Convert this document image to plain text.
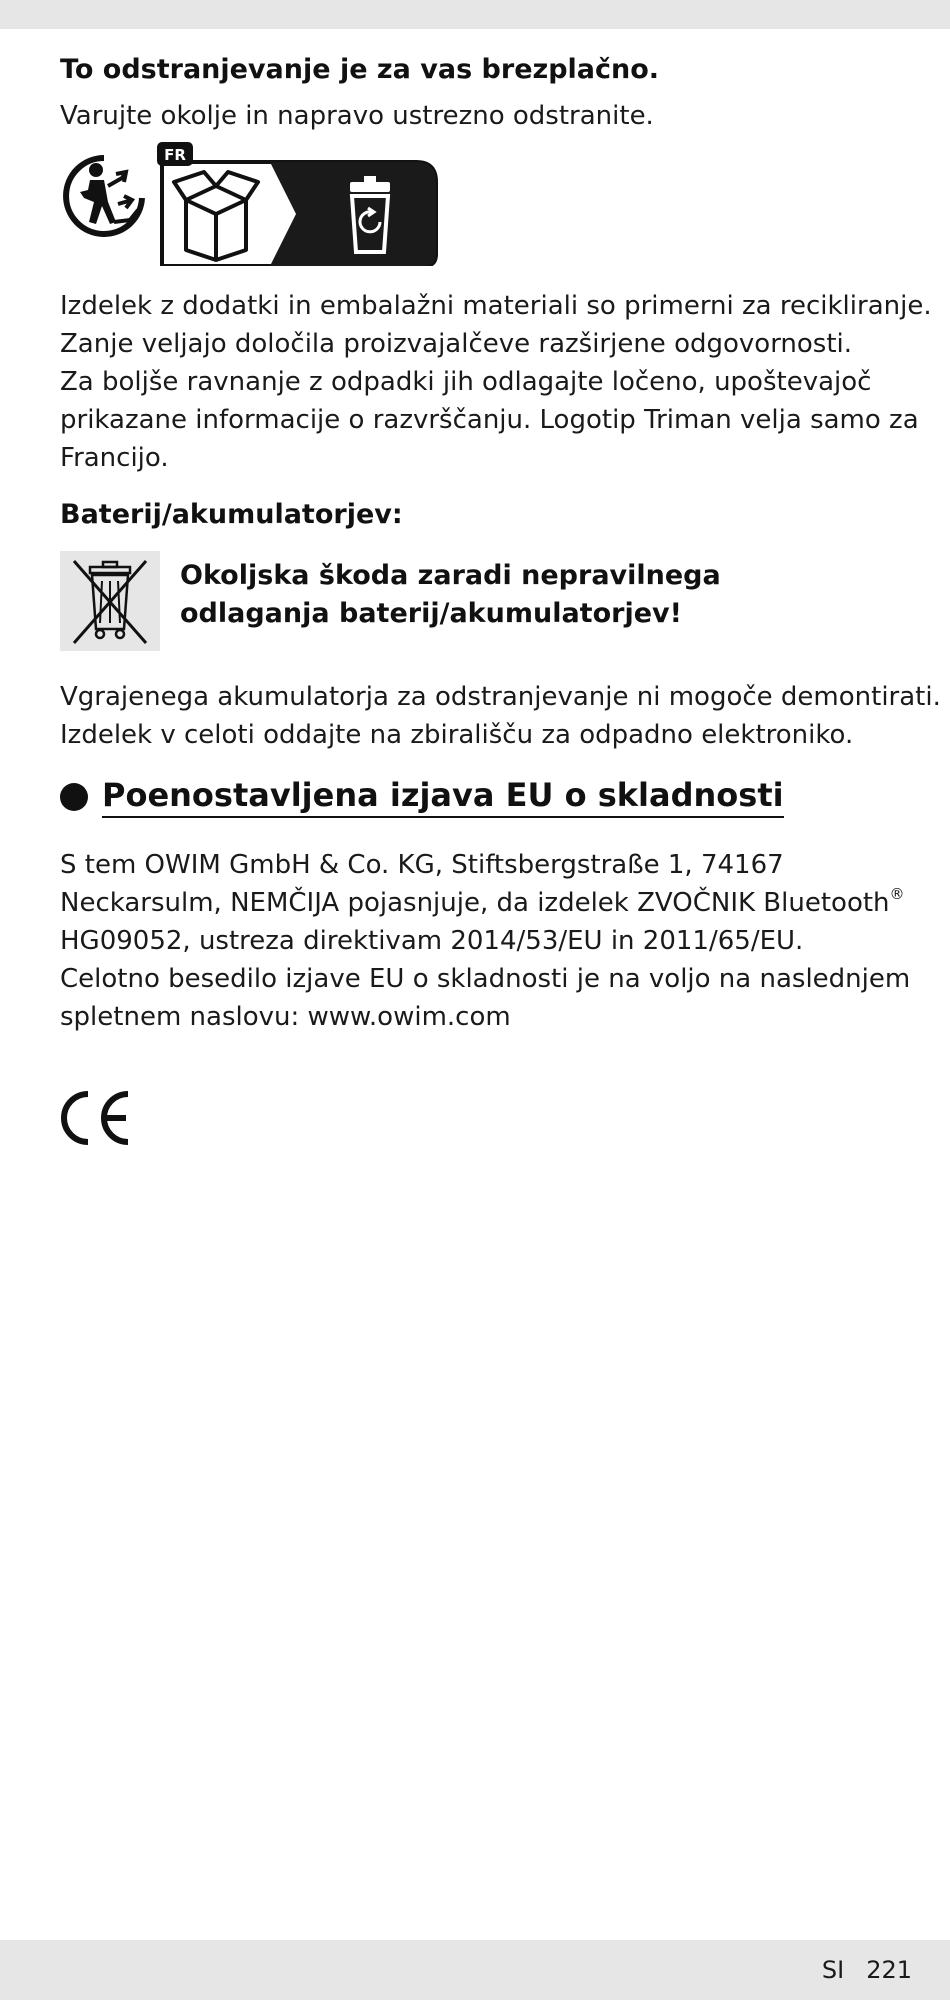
To odstranjevanje je za vas brezplačno.
Varujte okolje in napravo ustrezno odstranite.
FR
Izdelek z dodatki in embalažni materiali so primerni za recikliranje.
Zanje veljajo določila proizvajalčeve razširjene odgovornosti.
Za boljše ravnanje z odpadki jih odlagajte ločeno, upoštevajoč
prikazane informacije o razvrščanju. Logotip Triman velja samo za
Francijo.
Baterij/akumulatorjev:
Okoljska škoda zaradi nepravilnega
odlaganja baterij/akumulatorjev!
Vgrajenega akumulatorja za odstranjevanje ni mogoče demontirati.
Izdelek v celoti oddajte na zbirališču za odpadno elektroniko.
Poenostavljena izjava EU o skladnosti
S tem OWIM GmbH & Co. KG, Stiftsbergstraße 1, 74167
Neckarsulm, NEMČIJA pojasnjuje, da izdelek ZVOČNIK Bluetooth®
HG09052, ustreza direktivam 2014/53/EU in 2011/65/EU.
Celotno besedilo izjave EU o skladnosti je na voljo na naslednjem
spletnem naslovu: www.owim.com
SI 221
